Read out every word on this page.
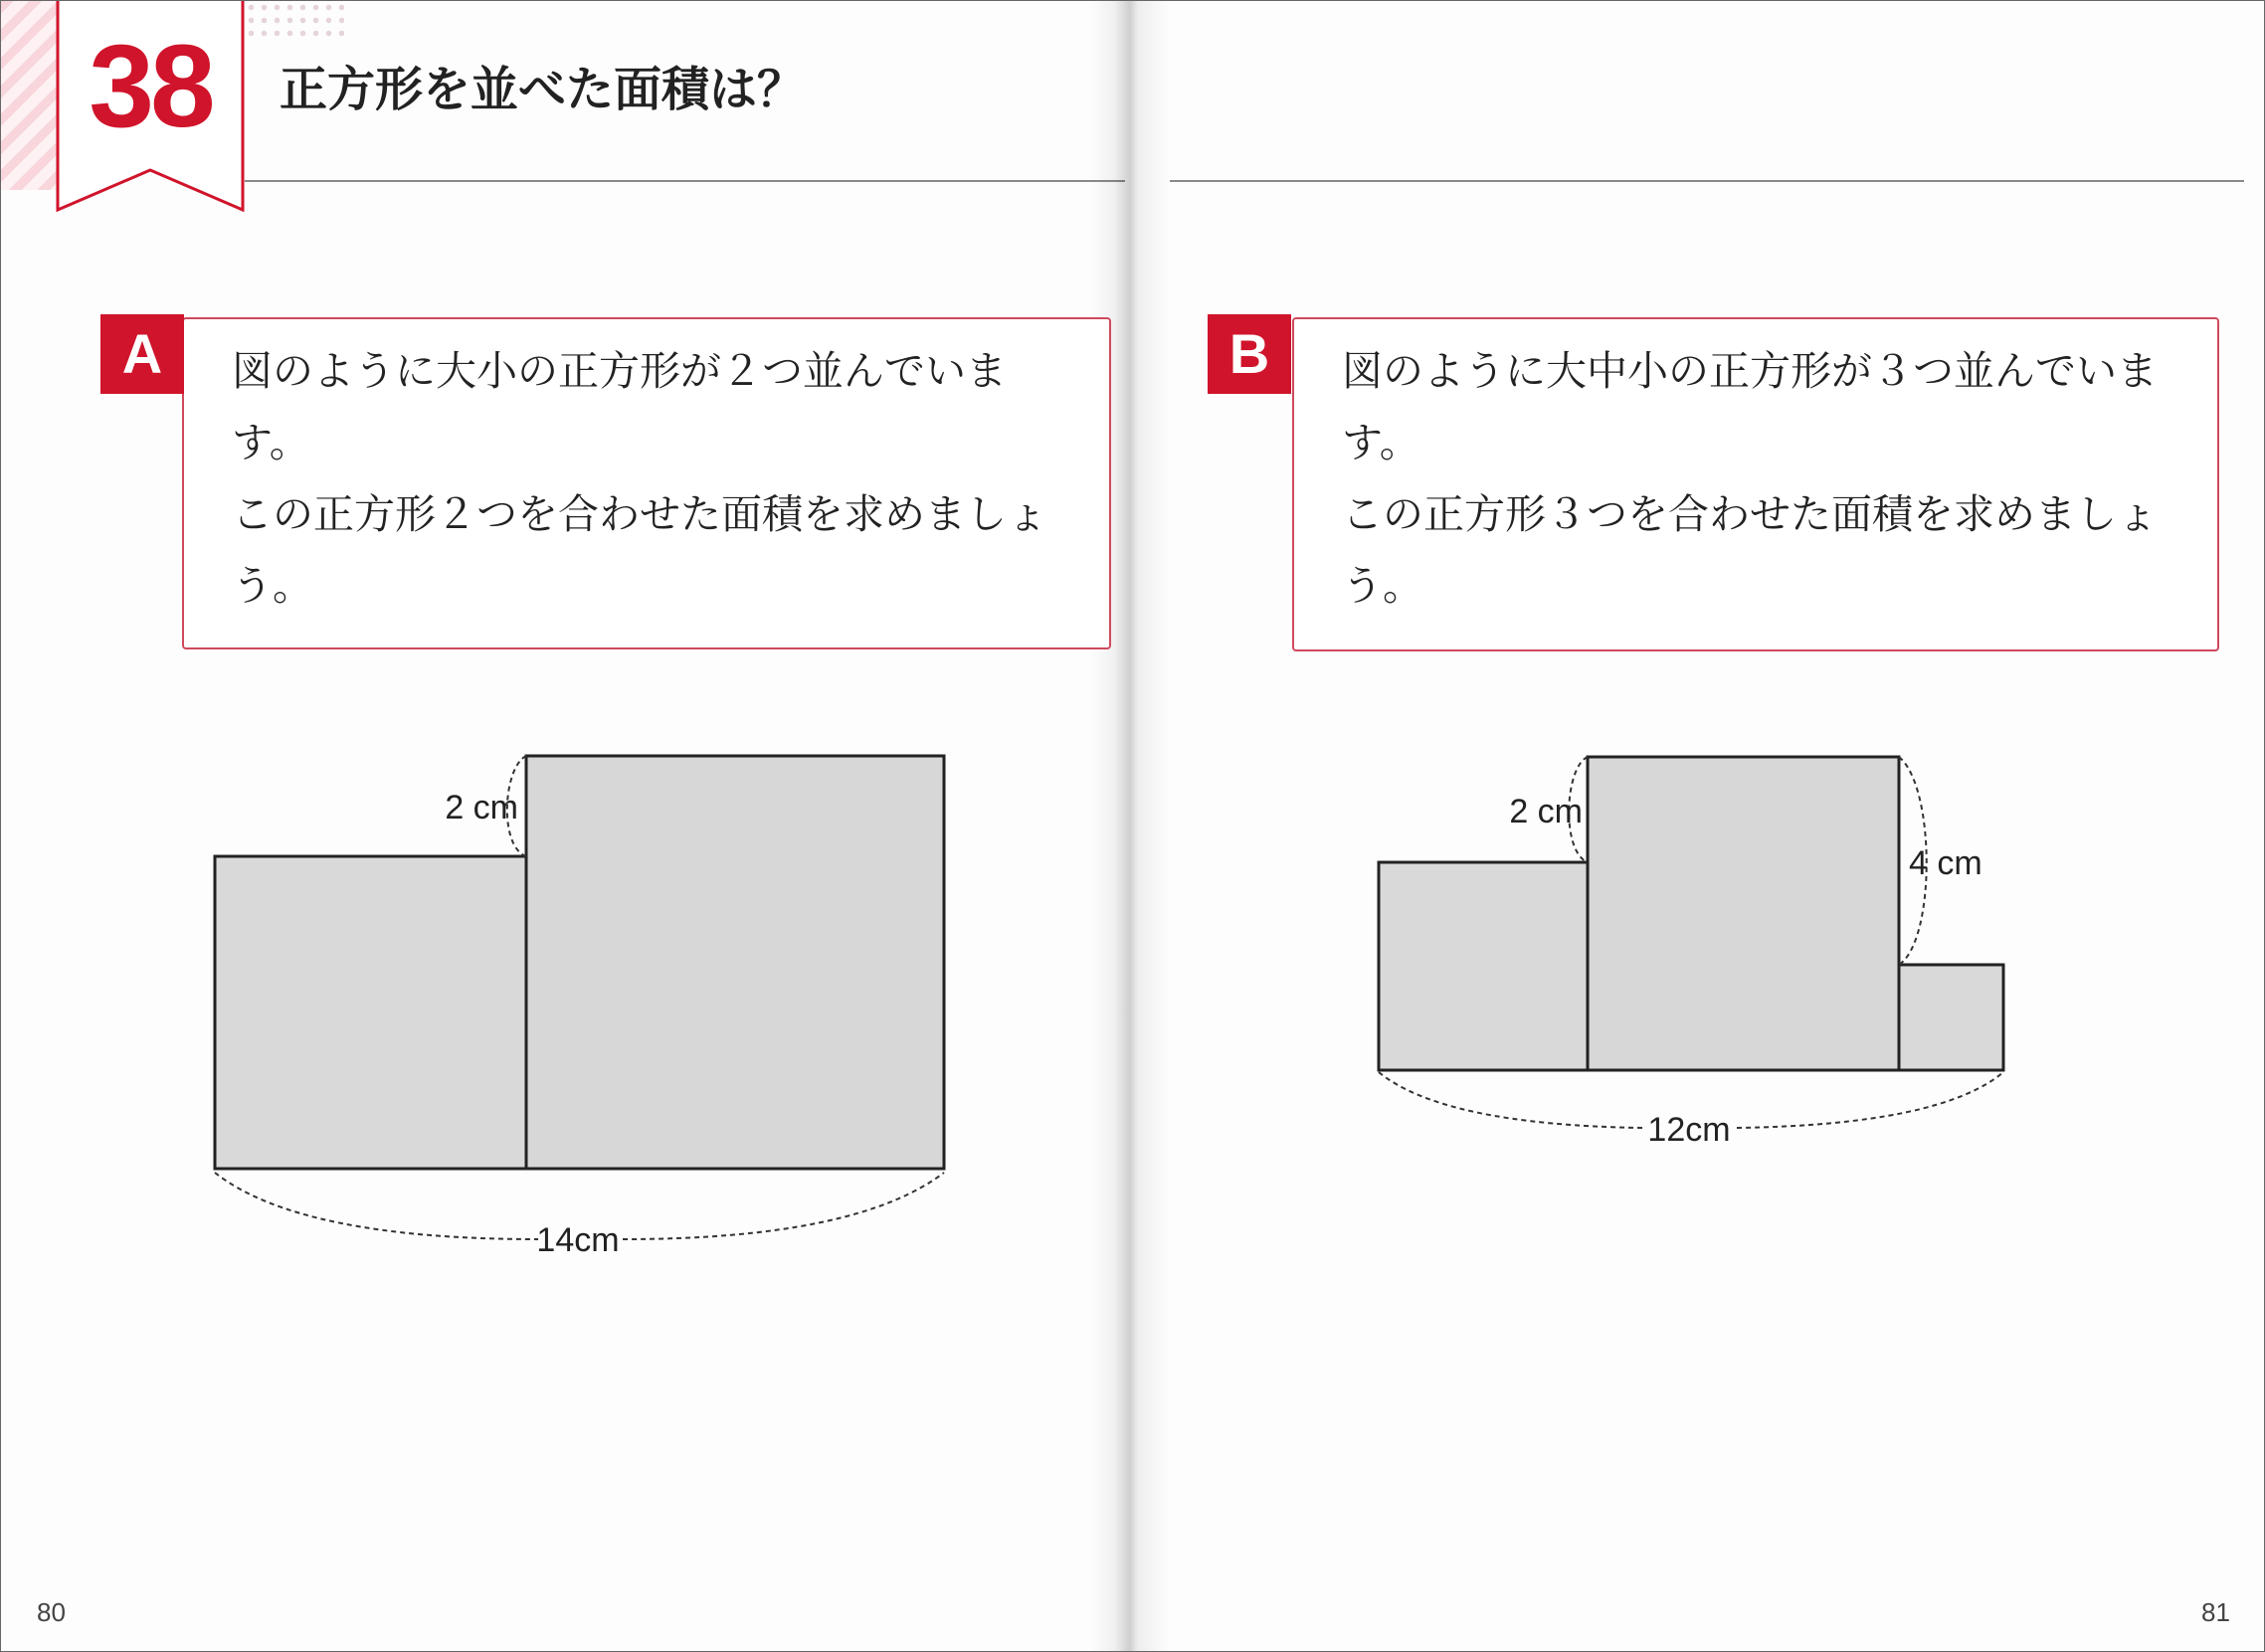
38	正方形を並べた面積は？
図のように大小の正方形が２つ並んでいま
す。
この正方形２つを合わせた面積を求めましょ
う。
A	図のように大中小の正方形が３つ並んでいま
す。
この正方形３つを合わせた面積を求めましょ
う。
B
2 cm
14cm
2 cm
4 cm
12cm
80	81
